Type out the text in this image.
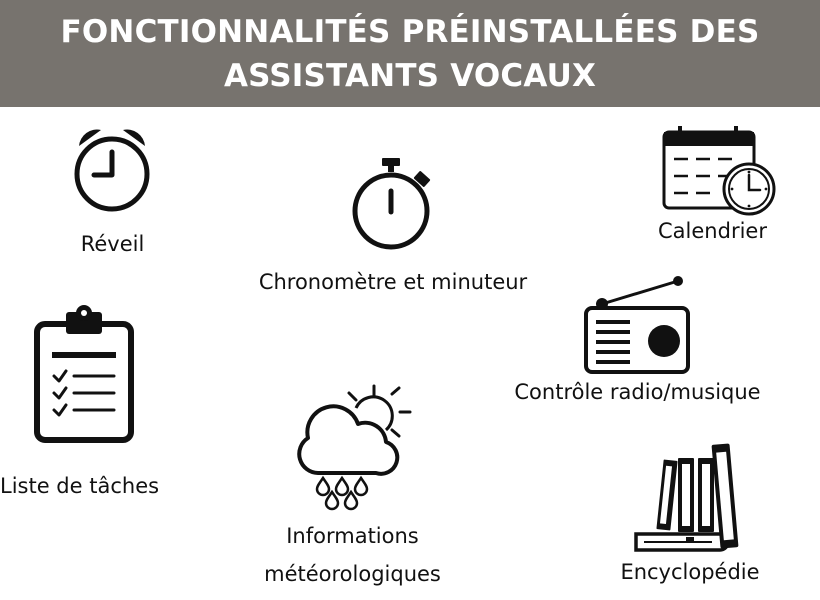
FONCTIONNALITÉS PRÉINSTALLÉES DES
ASSISTANTS VOCAUX
Réveil
Chronomètre et minuteur
Calendrier
Liste de tâches
Contrôle radio/musique
Informations
météorologiques	Encyclopédie
